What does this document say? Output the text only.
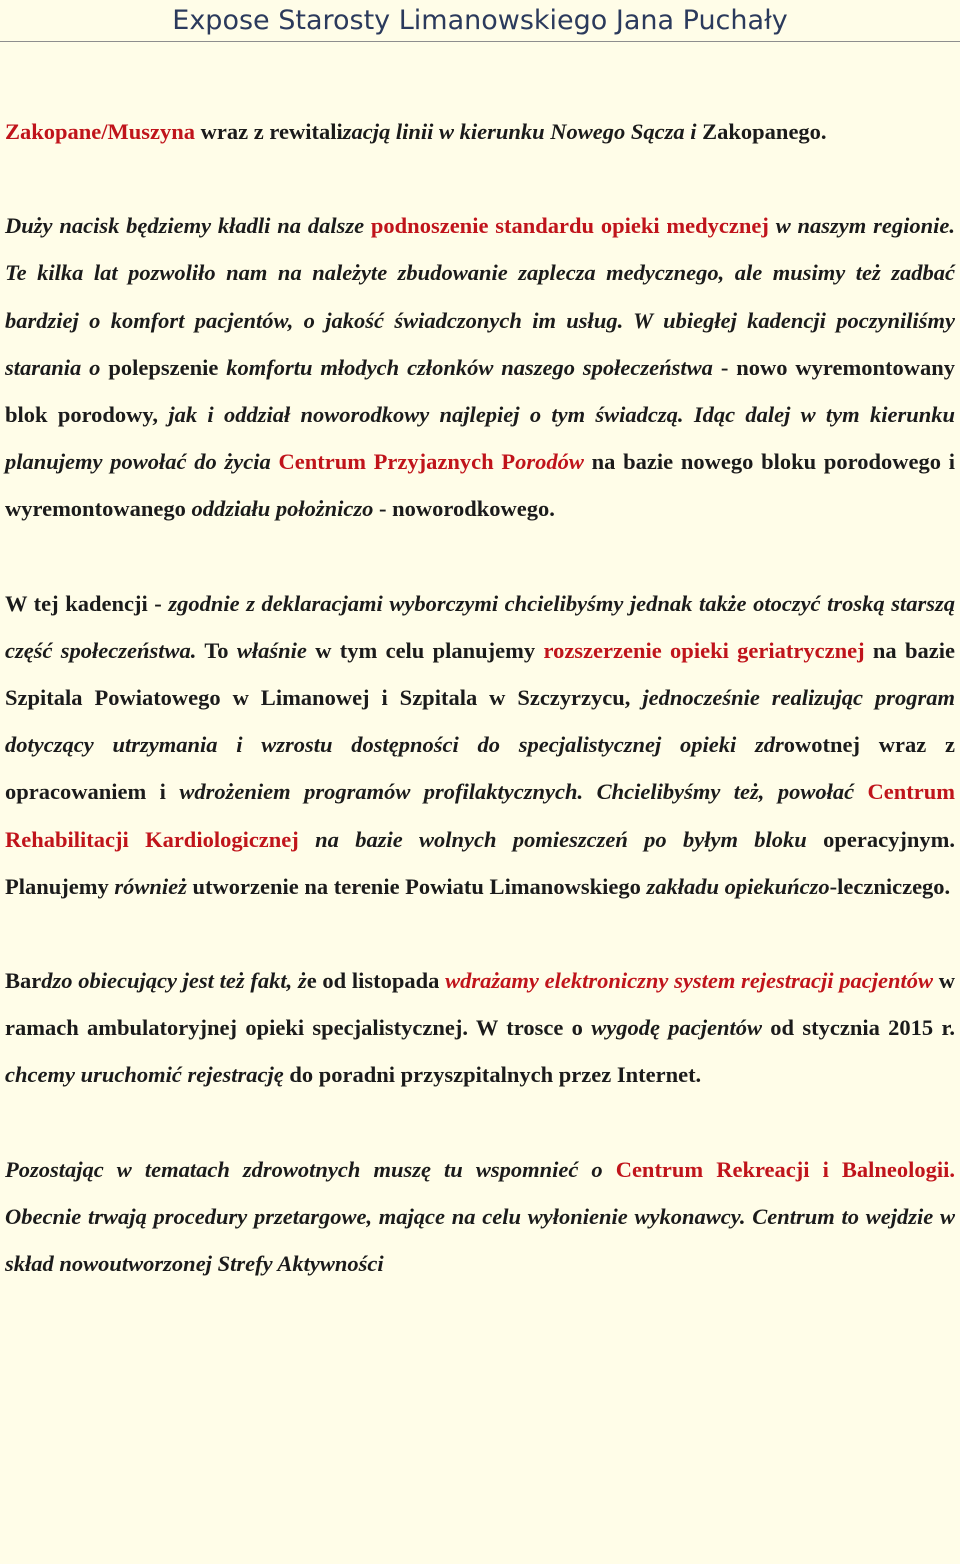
Expose Starosty Limanowskiego Jana Puchały

Zakopane/Muszyna wraz z rewitalizacją linii w kierunku Nowego Sącza i Zakopanego.

Duży nacisk będziemy kładli na dalsze podnoszenie standardu opieki medycznej w naszym regionie. Te kilka lat pozwoliło nam na należyte zbudowanie zaplecza medycznego, ale musimy też zadbać bardziej o komfort pacjentów, o jakość świadczonych im usług. W ubiegłej kadencji poczyniliśmy starania o polepszenie komfortu młodych członków naszego społeczeństwa - nowo wyremontowany blok porodowy, jak i oddział noworodkowy najlepiej o tym świadczą. Idąc dalej w tym kierunku planujemy powołać do życia Centrum Przyjaznych Porodów na bazie nowego bloku porodowego i wyremontowanego oddziału położniczo - noworodkowego.

W tej kadencji - zgodnie z deklaracjami wyborczymi chcielibyśmy jednak także otoczyć troską starszą część społeczeństwa. To właśnie w tym celu planujemy rozszerzenie opieki geriatrycznej na bazie Szpitala Powiatowego w Limanowej i Szpitala w Szczyrzycu, jednocześnie realizując program dotyczący utrzymania i wzrostu dostępności do specjalistycznej opieki zdrowotnej wraz z opracowaniem i wdrożeniem programów profilaktycznych. Chcielibyśmy też, powołać Centrum Rehabilitacji Kardiologicznej na bazie wolnych pomieszczeń po byłym bloku operacyjnym. Planujemy również utworzenie na terenie Powiatu Limanowskiego zakładu opiekuńczo-leczniczego.

Bardzo obiecujący jest też fakt, że od listopada wdrażamy elektroniczny system rejestracji pacjentów w ramach ambulatoryjnej opieki specjalistycznej. W trosce o wygodę pacjentów od stycznia 2015 r. chcemy uruchomić rejestrację do poradni przyszpitalnych przez Internet.

Pozostając w tematach zdrowotnych muszę tu wspomnieć o Centrum Rekreacji i Balneologii. Obecnie trwają procedury przetargowe, mające na celu wyłonienie wykonawcy. Centrum to wejdzie w skład nowoutworzonej Strefy Aktywności
